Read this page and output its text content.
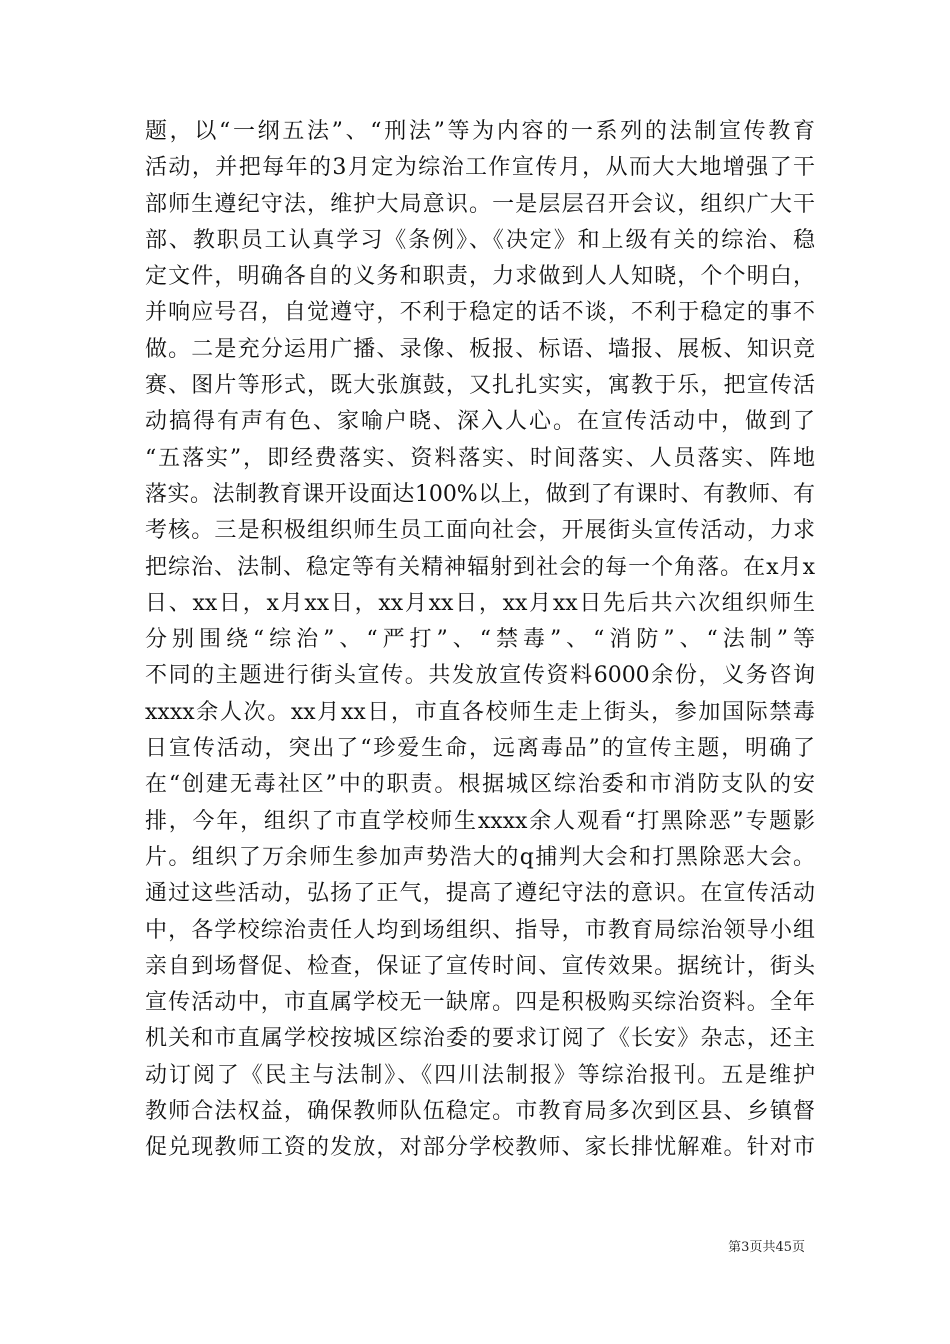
题，以“一纲五法”、“刑法”等为内容的一系列的法制宣传教育
活动，并把每年的3月定为综治工作宣传月，从而大大地增强了干
部师生遵纪守法，维护大局意识。一是层层召开会议，组织广大干
部、教职员工认真学习《条例》、《决定》和上级有关的综治、稳
定文件，明确各自的义务和职责，力求做到人人知晓，个个明白，
并响应号召，自觉遵守，不利于稳定的话不谈，不利于稳定的事不
做。二是充分运用广播、录像、板报、标语、墙报、展板、知识竞
赛、图片等形式，既大张旗鼓，又扎扎实实，寓教于乐，把宣传活
动搞得有声有色、家喻户晓、深入人心。在宣传活动中，做到了
“五落实”，即经费落实、资料落实、时间落实、人员落实、阵地
落实。法制教育课开设面达100%以上，做到了有课时、有教师、有
考核。三是积极组织师生员工面向社会，开展街头宣传活动，力求
把综治、法制、稳定等有关精神辐射到社会的每一个角落。在x月x
日、xx日，x月xx日，xx月xx日，xx月xx日先后共六次组织师生
分别围绕“综治”、“严打”、“禁毒”、“消防”、“法制”等
不同的主题进行街头宣传。共发放宣传资料6000余份，义务咨询
xxxx余人次。xx月xx日，市直各校师生走上街头，参加国际禁毒
日宣传活动，突出了“珍爱生命，远离毒品”的宣传主题，明确了
在“创建无毒社区”中的职责。根据城区综治委和市消防支队的安
排，今年，组织了市直学校师生xxxx余人观看“打黑除恶”专题影
片。组织了万余师生参加声势浩大的q捕判大会和打黑除恶大会。
通过这些活动，弘扬了正气，提高了遵纪守法的意识。在宣传活动
中，各学校综治责任人均到场组织、指导，市教育局综治领导小组
亲自到场督促、检查，保证了宣传时间、宣传效果。据统计，街头
宣传活动中，市直属学校无一缺席。四是积极购买综治资料。全年
机关和市直属学校按城区综治委的要求订阅了《长安》杂志，还主
动订阅了《民主与法制》、《四川法制报》等综治报刊。五是维护
教师合法权益，确保教师队伍稳定。市教育局多次到区县、乡镇督
促兑现教师工资的发放，对部分学校教师、家长排忧解难。针对市
第3页共45页
